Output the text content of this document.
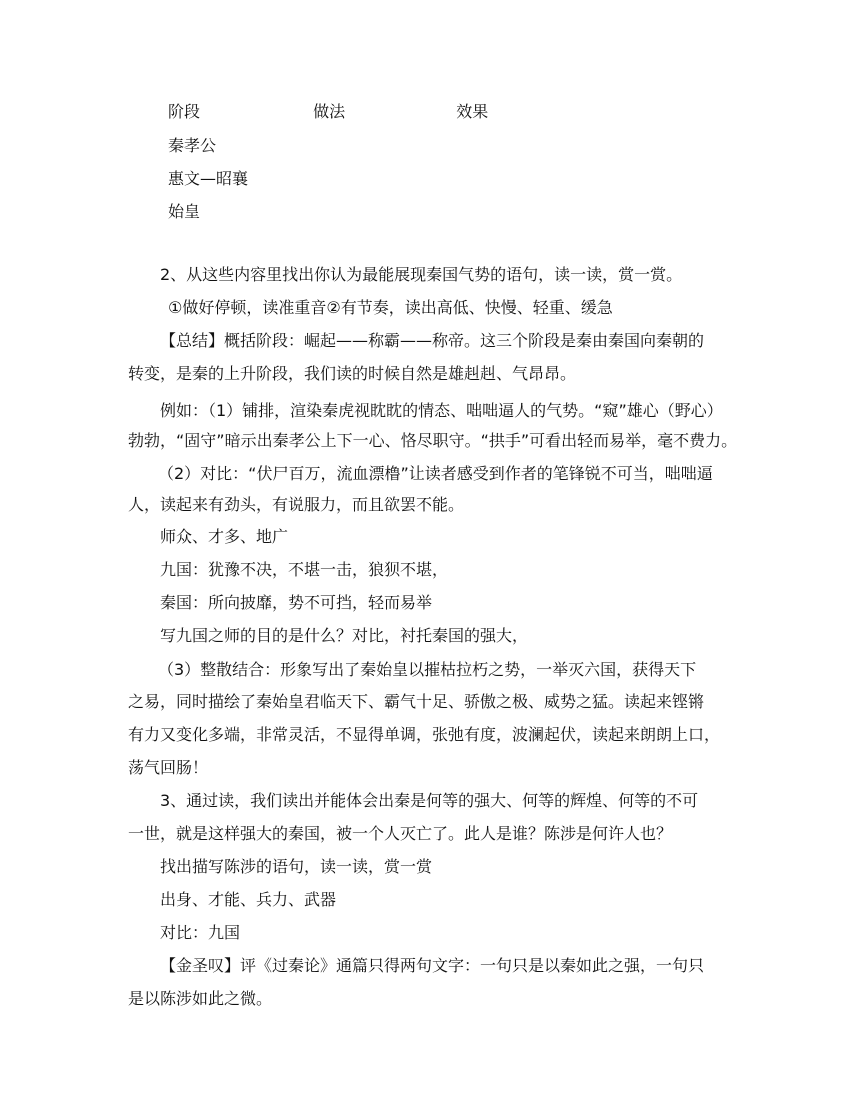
阶段	做法	效果
秦孝公
惠文—昭襄
始皇
2、从这些内容里找出你认为最能展现秦国气势的语句，读一读，赏一赏。
①做好停顿，读准重音②有节奏，读出高低、快慢、轻重、缓急
【总结】概括阶段：崛起——称霸——称帝。这三个阶段是秦由秦国向秦朝的
转变，是秦的上升阶段，我们读的时候自然是雄赳赳、气昂昂。
例如：（1）铺排，渲染秦虎视眈眈的情态、咄咄逼人的气势。“窥”雄心（野心）
勃勃，“固守”暗示出秦孝公上下一心、恪尽职守。“拱手”可看出轻而易举，毫不费力。
（2）对比：“伏尸百万，流血漂橹”让读者感受到作者的笔锋锐不可当，咄咄逼
人，读起来有劲头，有说服力，而且欲罢不能。
师众、才多、地广
九国：犹豫不决，不堪一击，狼狈不堪，
秦国：所向披靡，势不可挡，轻而易举
写九国之师的目的是什么？对比，衬托秦国的强大，
（3）整散结合：形象写出了秦始皇以摧枯拉朽之势，一举灭六国，获得天下
之易，同时描绘了秦始皇君临天下、霸气十足、骄傲之极、威势之猛。读起来铿锵
有力又变化多端，非常灵活，不显得单调，张弛有度，波澜起伏，读起来朗朗上口，
荡气回肠！
3、通过读，我们读出并能体会出秦是何等的强大、何等的辉煌、何等的不可
一世，就是这样强大的秦国，被一个人灭亡了。此人是谁？陈涉是何许人也？
找出描写陈涉的语句，读一读，赏一赏
出身、才能、兵力、武器
对比：九国
【金圣叹】评《过秦论》通篇只得两句文字：一句只是以秦如此之强，一句只
是以陈涉如此之微。
